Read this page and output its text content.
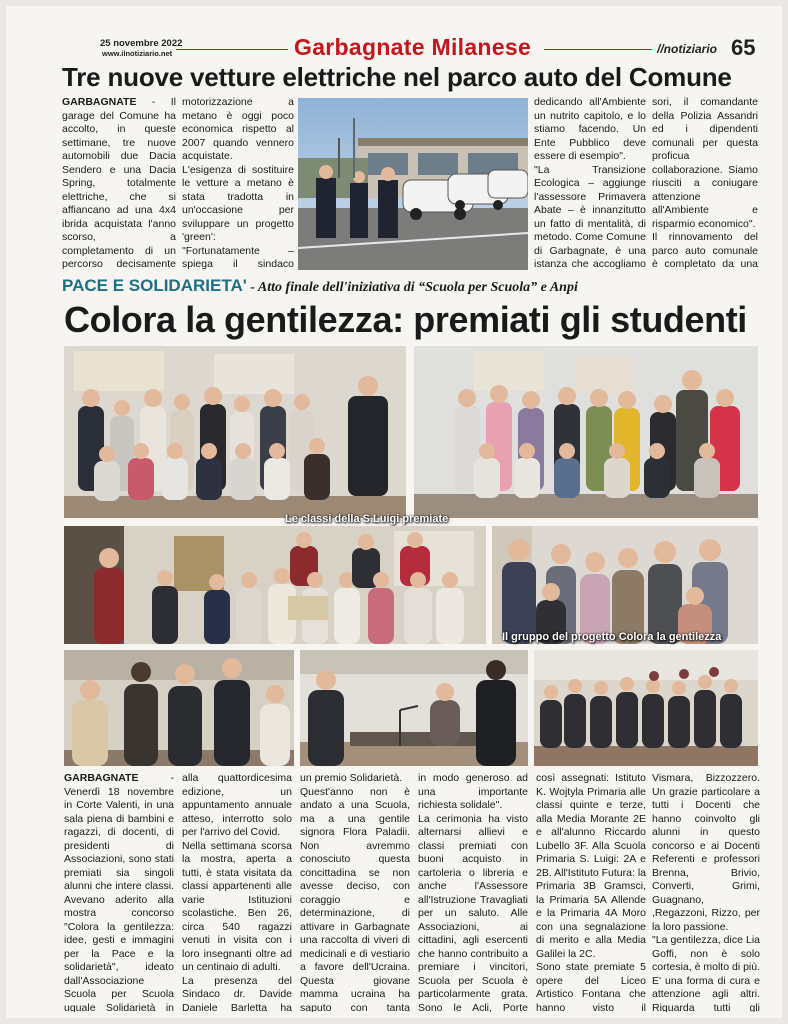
25 novembre 2022
www.ilnotiziario.net	Garbagnate Milanese	//notiziario 65
Tre nuove vetture elettriche nel parco auto del Comune
GARBAGNATE - Il garage del Comune ha accolto, in queste settimane, tre nuove automobili due Dacia Sendero e una Dacia Spring, totalmente elettriche, che si affiancano ad una 4x4 ibrida acquistata l'anno scorso, a completamento di un percorso decisamente

motorizzazione a metano è oggi poco economica rispetto al 2007 quando vennero acquistate.
L'esigenza di sostituire le vetture a metano è stata tradotta in un'occasione per sviluppare un progetto 'green': "Fortunatamente – spiega il sindaco
dedicando all'Ambiente un nutrito capitolo, e lo stiamo facendo. Un Ente Pubblico deve essere di esempio".
"La Transizione Ecologica – aggiunge l'assessore Primavera Abate – è innanzitutto un fatto di mentalità, di metodo. Come Comune di Garbagnate, è una istanza che accogliamo
sori, il comandante della Polizia Assandri ed i dipendenti comunali per questa proficua collaborazione. Siamo riusciti a coniugare attenzione all'Ambiente e risparmio economico".
Il rinnovamento del parco auto comunale è completato da una
PACE E SOLIDARIETA' - Atto finale dell'iniziativa di “Scuola per Scuola” e Anpi
Colora la gentilezza: premiati gli studenti
Le classi della S.Luigi premiate
Il gruppo del progetto Colora la gentilezza
GARBAGNATE	- Venerdì 18 novembre in Corte Valenti, in una sala piena di bambini e ragazzi, di docenti, di presidenti di Associazioni, sono stati premiati sia singoli alunni che intere classi. Avevano aderito alla mostra concorso "Colora la gentilezza: idee, gesti e immagini per la Pace e la solidarietà", ideato dall'Associazione Scuola per Scuola uguale Solidarietà in
alla quattordicesima edizione, un appuntamento annuale atteso, interrotto solo per l'arrivo del Covid.
Nella settimana scorsa la mostra, aperta a tutti, è stata visitata da classi appartenenti alle varie Istituzioni scolastiche. Ben 26, circa 540 ragazzi venuti in visita con i loro insegnanti oltre ad un centinaio di adulti.
La presenza del Sindaco dr. Davide Daniele Barletta ha
un premio Solidarietà.
Quest'anno non è andato a una Scuola, ma a una gentile signora Flora Paladii. Non avremmo conosciuto questa concittadina se non avesse deciso, con coraggio e determinazione, di attivare in Garbagnate una raccolta di viveri di medicinali e di vestiario a favore dell'Ucraina. Questa giovane mamma ucraina ha saputo con tanta
in modo generoso ad una importante richiesta solidale".
La cerimonia ha visto alternarsi allievi e classi premiati con buoni acquisto in cartoleria o libreria e anche l'Assessore all'Istruzione Travagliati per un saluto. Alle Associazioni, ai cittadini, agli esercenti che hanno contribuito a premiare i vincitori, Scuola per Scuola è particolarmente grata. Sono le Acli, Porte

così assegnati: Istituto K. Wojtyla Primaria alle classi quinte e terze, alla Media Morante 2E e all'alunno Riccardo Lubello 3F. Alla Scuola Primaria S. Luigi: 2A e 2B. All'Istituto Futura: la Primaria 3B Gramsci, la Primaria 5A Allende e la Primaria 4A Moro con una segnalazione di merito e alla Media Galilei la 2C.
Sono state premiate 5 opere del Liceo Artistico Fontana che hanno visto il
Vismara, Bizzozzero. Un grazie particolare a tutti i Docenti che hanno coinvolto gli alunni in questo concorso e ai Docenti Referenti e professori Brenna, Brivio, Converti, Grimi, Guagnano, ,Regazzoni, Rizzo, per la loro passione.
"La gentilezza, dice Lia Goffi, non è solo cortesia, è molto di più. E' una forma di cura e attenzione agli altri. Riguarda tutti gli
